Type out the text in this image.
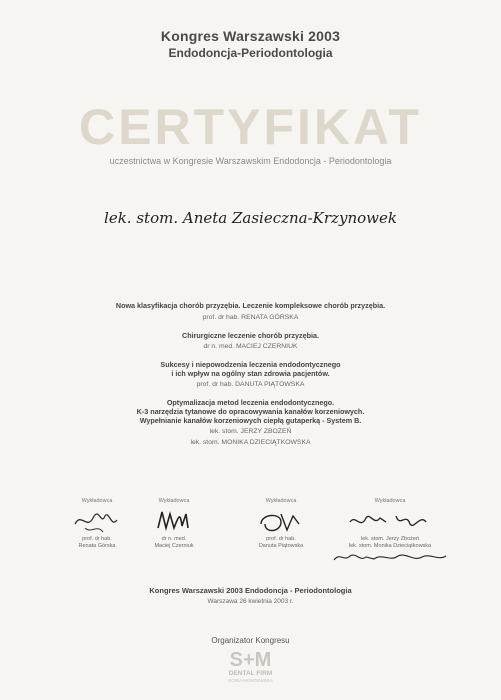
Kongres Warszawski 2003
Endodoncja-Periodontologia
CERTYFIKAT
uczestnictwa w Kongresie Warszawskim Endodoncja - Periodontologia
lek. stom. Aneta Zasieczna-Krzynowek
Nowa klasyfikacja chorób przyzębia. Leczenie kompleksowe chorób przyzębia.
prof. dr hab. RENATA GÓRSKA
Chirurgiczne leczenie chorób przyzębia.
dr n. med. MACIEJ CZERNIUK
Sukcesy i niepowodzenia leczenia endodontycznego
i ich wpływ na ogólny stan zdrowia pacjentów.
prof. dr hab. DANUTA PIĄTOWSKA
Optymalizacja metod leczenia endodontycznego.
K-3 narzędzia tytanowe do opracowywania kanałów korzeniowych.
Wypełnianie kanałów korzeniowych ciepłą gutaperką - System B.
lek. stom. JERZY ZBOŻEŃ
lek. stom. MONIKA DZIECIĄTKOWSKA
Wykładowca
prof. dr hab.
Renata Górska
Wykładowca
dr n. med.
Maciej Czerniuk
Wykładowca
prof. dr hab.
Danuta Piątowska
Wykładowca
lek. stom. Jerzy Zbożeń
lek. stom. Monika Dzieciątkowska
Kongres Warszawski 2003 Endodoncja - Periodontologia
Warszawa 26 kwietnia 2003 r.
Organizator Kongresu
S+M
DENTAL FIRM
SONIA MONTEWSKA
